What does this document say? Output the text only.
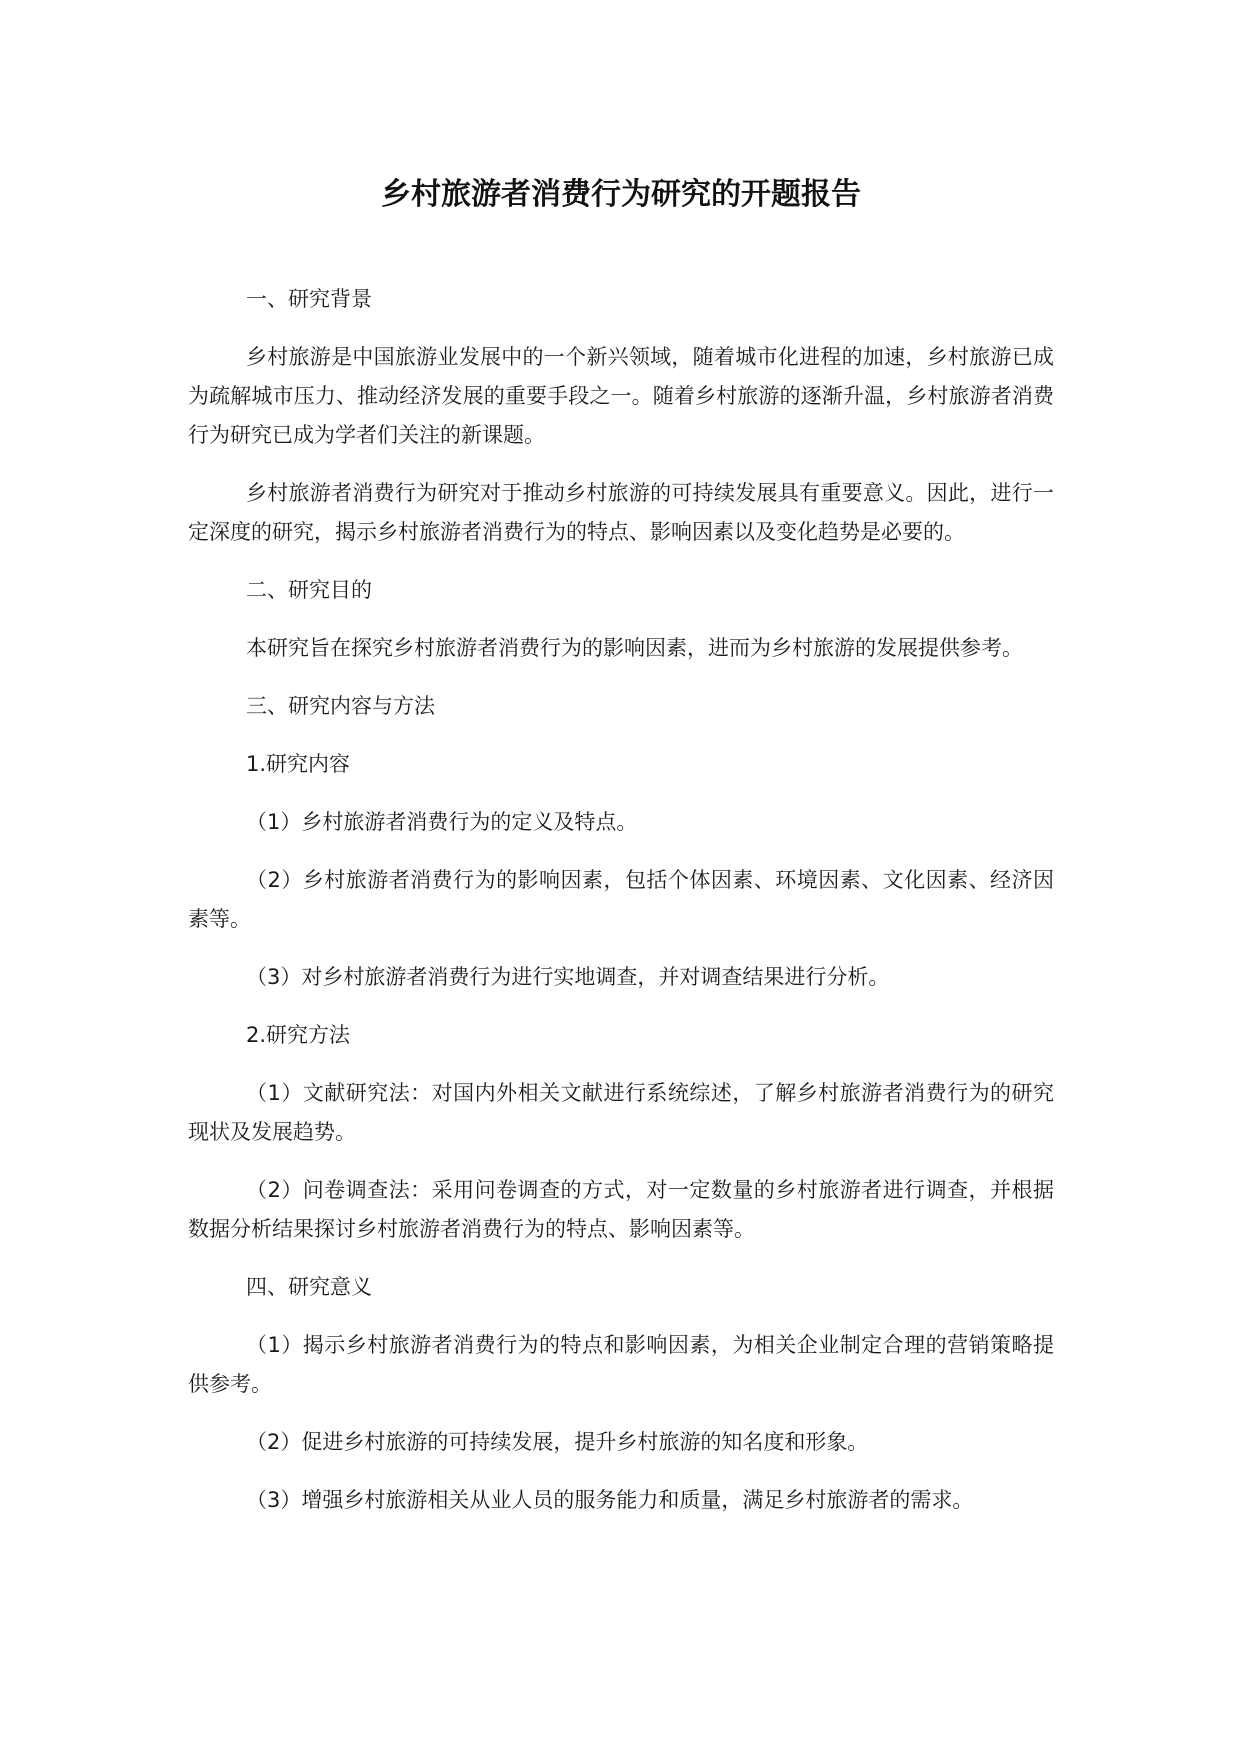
乡村旅游者消费行为研究的开题报告

一、研究背景

乡村旅游是中国旅游业发展中的一个新兴领域，随着城市化进程的加速，乡村旅游已成为疏解城市压力、推动经济发展的重要手段之一。随着乡村旅游的逐渐升温，乡村旅游者消费行为研究已成为学者们关注的新课题。

乡村旅游者消费行为研究对于推动乡村旅游的可持续发展具有重要意义。因此，进行一定深度的研究，揭示乡村旅游者消费行为的特点、影响因素以及变化趋势是必要的。

二、研究目的

本研究旨在探究乡村旅游者消费行为的影响因素，进而为乡村旅游的发展提供参考。

三、研究内容与方法

1.研究内容

（1）乡村旅游者消费行为的定义及特点。

（2）乡村旅游者消费行为的影响因素，包括个体因素、环境因素、文化因素、经济因素等。

（3）对乡村旅游者消费行为进行实地调查，并对调查结果进行分析。

2.研究方法

（1）文献研究法：对国内外相关文献进行系统综述，了解乡村旅游者消费行为的研究现状及发展趋势。

（2）问卷调查法：采用问卷调查的方式，对一定数量的乡村旅游者进行调查，并根据数据分析结果探讨乡村旅游者消费行为的特点、影响因素等。

四、研究意义

（1）揭示乡村旅游者消费行为的特点和影响因素，为相关企业制定合理的营销策略提供参考。

（2）促进乡村旅游的可持续发展，提升乡村旅游的知名度和形象。

（3）增强乡村旅游相关从业人员的服务能力和质量，满足乡村旅游者的需求。
